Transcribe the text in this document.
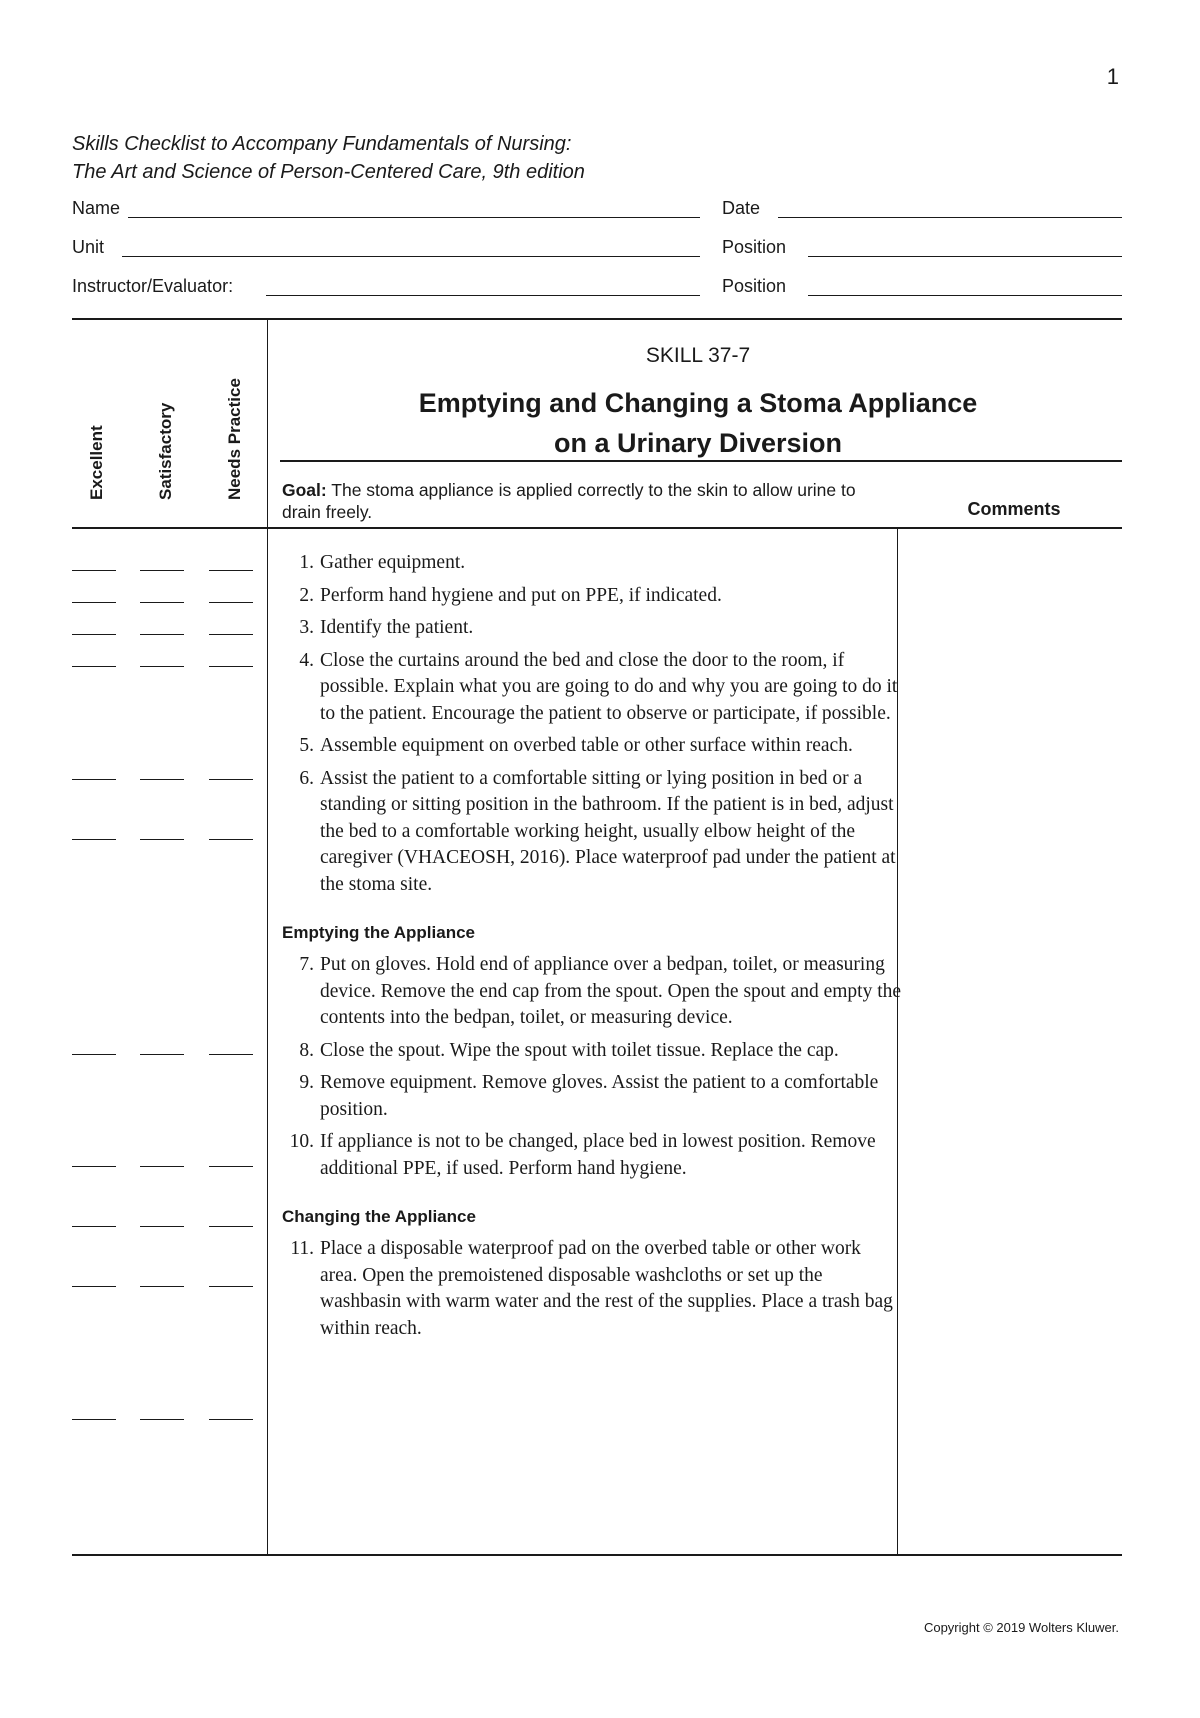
1
Skills Checklist to Accompany Fundamentals of Nursing:
The Art and Science of Person-Centered Care, 9th edition
Name	Date
Unit	Position
Instructor/Evaluator:	Position
Excellent	Satisfactory	Needs Practice
SKILL 37-7
Emptying and Changing a Stoma Appliance
on a Urinary Diversion
Goal: The stoma appliance is applied correctly to the skin to allow urine to drain freely.	Comments
1. Gather equipment.
2. Perform hand hygiene and put on PPE, if indicated.
3. Identify the patient.
4. Close the curtains around the bed and close the door to the room, if possible. Explain what you are going to do and why you are going to do it to the patient. Encourage the patient to observe or participate, if possible.
5. Assemble equipment on overbed table or other surface within reach.
6. Assist the patient to a comfortable sitting or lying position in bed or a standing or sitting position in the bathroom. If the patient is in bed, adjust the bed to a comfortable working height, usually elbow height of the caregiver (VHACEOSH, 2016). Place waterproof pad under the patient at the stoma site.
Emptying the Appliance
7. Put on gloves. Hold end of appliance over a bedpan, toilet, or measuring device. Remove the end cap from the spout. Open the spout and empty the contents into the bedpan, toilet, or measuring device.
8. Close the spout. Wipe the spout with toilet tissue. Replace the cap.
9. Remove equipment. Remove gloves. Assist the patient to a comfortable position.
10. If appliance is not to be changed, place bed in lowest position. Remove additional PPE, if used. Perform hand hygiene.
Changing the Appliance
11. Place a disposable waterproof pad on the overbed table or other work area. Open the premoistened disposable washcloths or set up the washbasin with warm water and the rest of the supplies. Place a trash bag within reach.
Copyright © 2019 Wolters Kluwer.
